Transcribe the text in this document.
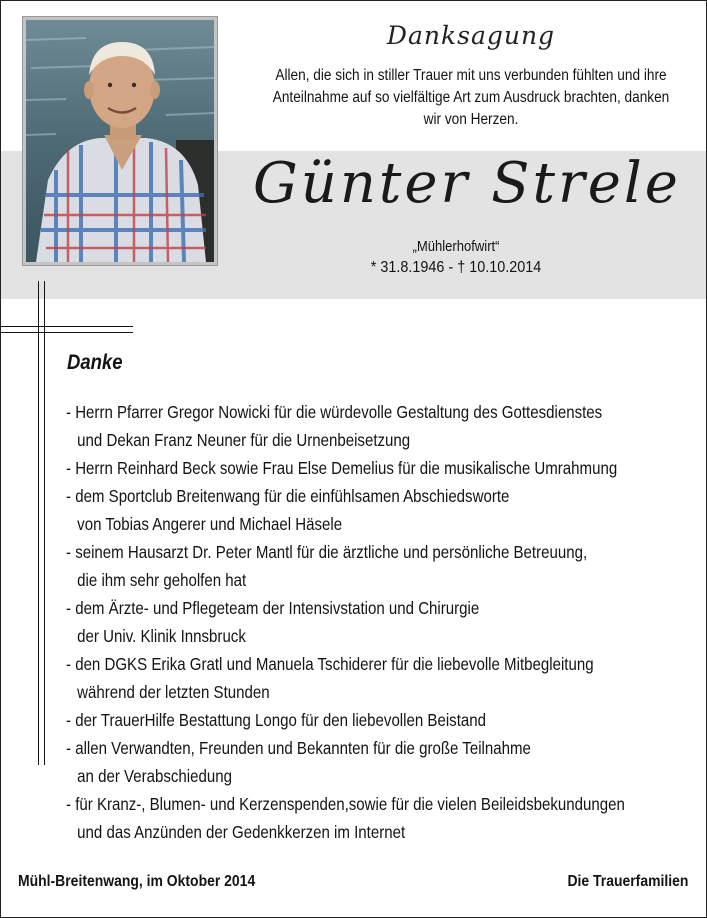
Danksagung
Allen, die sich in stiller Trauer mit uns verbunden fühlten und ihre Anteilnahme auf so vielfältige Art zum Ausdruck brachten, danken wir von Herzen.
Günter Strele
„Mühlerhofwirt“
* 31.8.1946 - † 10.10.2014
Danke
- Herrn Pfarrer Gregor Nowicki für die würdevolle Gestaltung des Gottesdienstes
und Dekan Franz Neuner für die Urnenbeisetzung
- Herrn Reinhard Beck sowie Frau Else Demelius für die musikalische Umrahmung
- dem Sportclub Breitenwang für die einfühlsamen Abschiedsworte
von Tobias Angerer und Michael Häsele
- seinem Hausarzt Dr. Peter Mantl für die ärztliche und persönliche Betreuung,
die ihm sehr geholfen hat
- dem Ärzte- und Pflegeteam der Intensivstation und Chirurgie
der Univ. Klinik Innsbruck
- den DGKS Erika Gratl und Manuela Tschiderer für die liebevolle Mitbegleitung
während der letzten Stunden
- der TrauerHilfe Bestattung Longo für den liebevollen Beistand
- allen Verwandten, Freunden und Bekannten für die große Teilnahme
an der Verabschiedung
- für Kranz-, Blumen- und Kerzenspenden,sowie für die vielen Beileidsbekundungen
und das Anzünden der Gedenkkerzen im Internet
Mühl-Breitenwang, im Oktober 2014	Die Trauerfamilien
